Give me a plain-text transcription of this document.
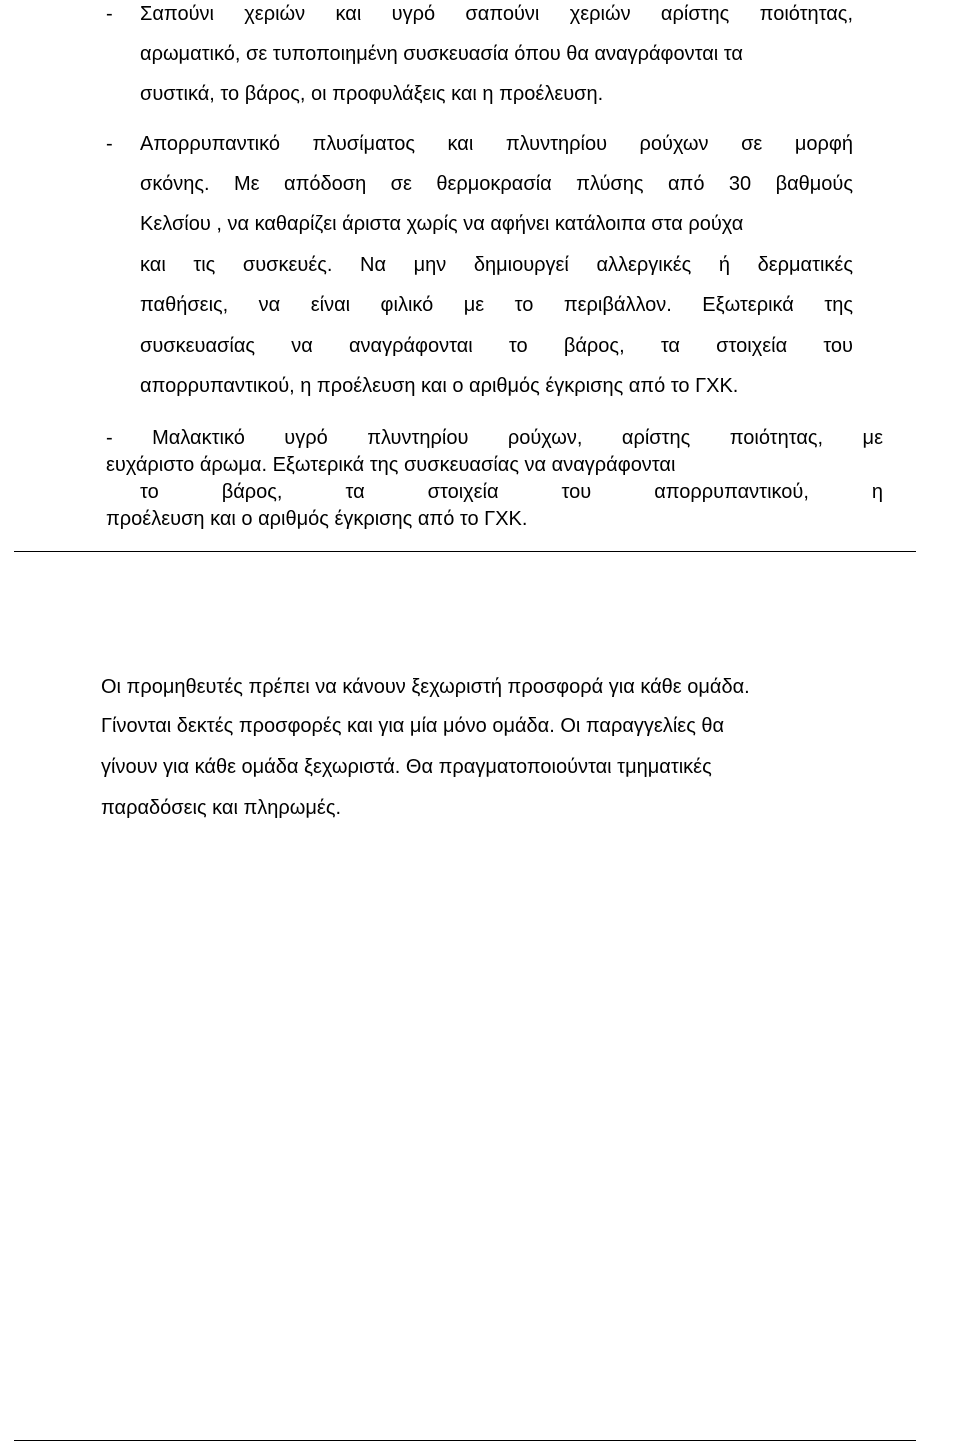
- Σαπούνι χεριών και υγρό σαπούνι χεριών αρίστης ποιότητας,
αρωματικό, σε τυποποιημένη συσκευασία όπου θα αναγράφονται τα
συστικά, το βάρος, οι προφυλάξεις και η προέλευση.
- Απορρυπαντικό πλυσίματος και πλυντηρίου ρούχων σε μορφή
σκόνης. Με απόδοση σε θερμοκρασία πλύσης από 30 βαθμούς
Κελσίου , να καθαρίζει άριστα χωρίς να αφήνει κατάλοιπα στα ρούχα
και τις συσκευές. Να μην δημιουργεί αλλεργικές ή δερματικές
παθήσεις, να είναι φιλικό με το περιβάλλον. Εξωτερικά της
συσκευασίας να αναγράφονται το βάρος, τα στοιχεία του
απορρυπαντικού, η προέλευση και ο αριθμός έγκρισης από το ΓΧΚ.
- Μαλακτικό υγρό πλυντηρίου ρούχων, αρίστης ποιότητας, με
ευχάριστο άρωμα. Εξωτερικά της συσκευασίας να αναγράφονται
το βάρος, τα στοιχεία του απορρυπαντικού, η
προέλευση και ο αριθμός έγκρισης από το ΓΧΚ.
Οι προμηθευτές πρέπει να κάνουν ξεχωριστή προσφορά για κάθε ομάδα.
Γίνονται δεκτές προσφορές και για μία μόνο ομάδα. Οι παραγγελίες θα
γίνουν για κάθε ομάδα ξεχωριστά. Θα πραγματοποιούνται τμηματικές
παραδόσεις και πληρωμές.
